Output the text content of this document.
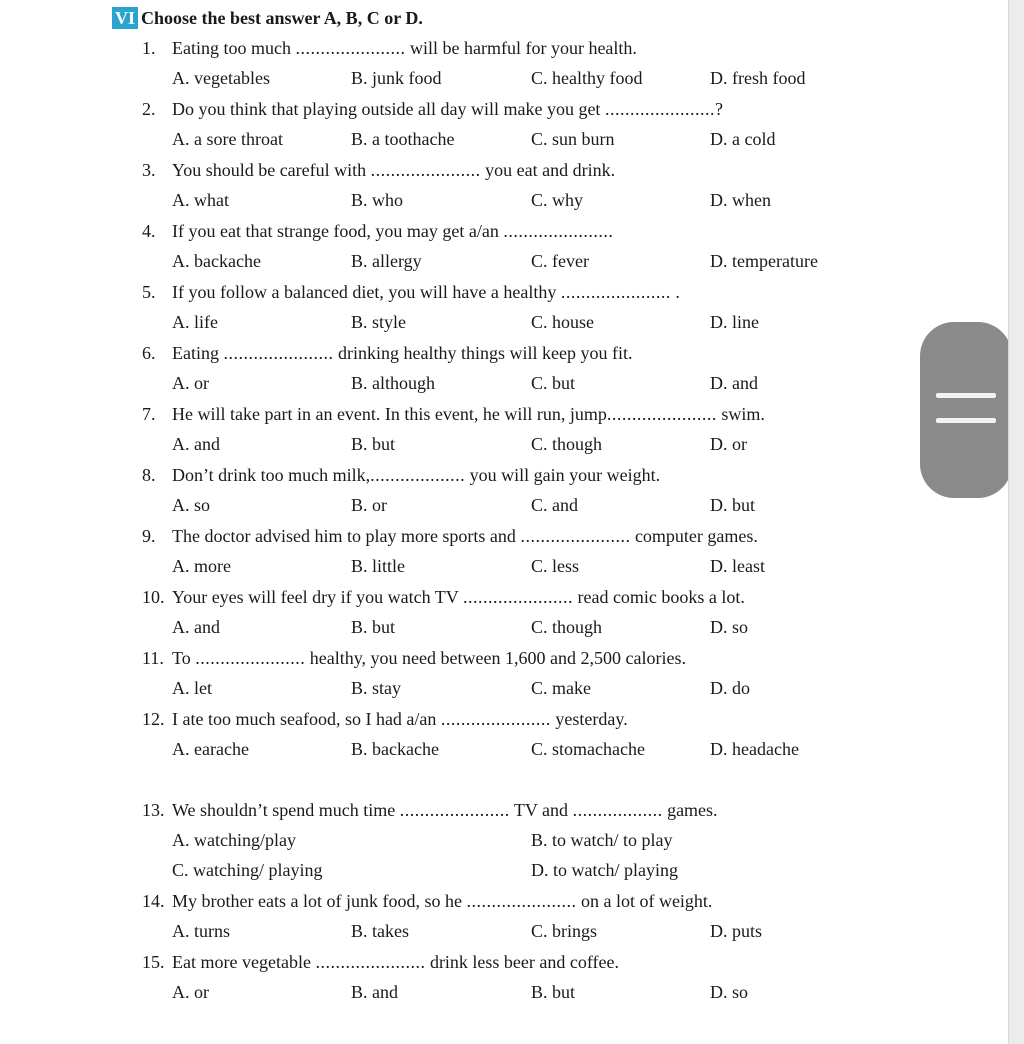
VI Choose the best answer A, B, C or D.
1. Eating too much ...................... will be harmful for your health.
A. vegetables	B. junk food	C. healthy food	D. fresh food
2. Do you think that playing outside all day will make you get ......................?
A. a sore throat	B. a toothache	C. sun burn	D. a cold
3. You should be careful with ...................... you eat and drink.
A. what	B. who	C. why	D. when
4. If you eat that strange food, you may get a/an ......................
A. backache	B. allergy	C. fever	D. temperature
5. If you follow a balanced diet, you will have a healthy ...................... .
A. life	B. style	C. house	D. line
6. Eating ...................... drinking healthy things will keep you fit.
A. or	B. although	C. but	D. and
7. He will take part in an event. In this event, he will run, jump...................... swim.
A. and	B. but	C. though	D. or
8. Don’t drink too much milk,................... you will gain your weight.
A. so	B. or	C. and	D. but
9. The doctor advised him to play more sports and ...................... computer games.
A. more	B. little	C. less	D. least
10. Your eyes will feel dry if you watch TV ...................... read comic books a lot.
A. and	B. but	C. though	D. so
11. To ...................... healthy, you need between 1,600 and 2,500 calories.
A. let	B. stay	C. make	D. do
12. I ate too much seafood, so I had a/an ...................... yesterday.
A. earache	B. backache	C. stomachache	D. headache
13. We shouldn’t spend much time ...................... TV and .................. games.
A. watching/play	B. to watch/ to play
C. watching/ playing	D. to watch/ playing
14. My brother eats a lot of junk food, so he ...................... on a lot of weight.
A. turns	B. takes	C. brings	D. puts
15. Eat more vegetable ...................... drink less beer and coffee.
A. or	B. and	B. but	D. so
